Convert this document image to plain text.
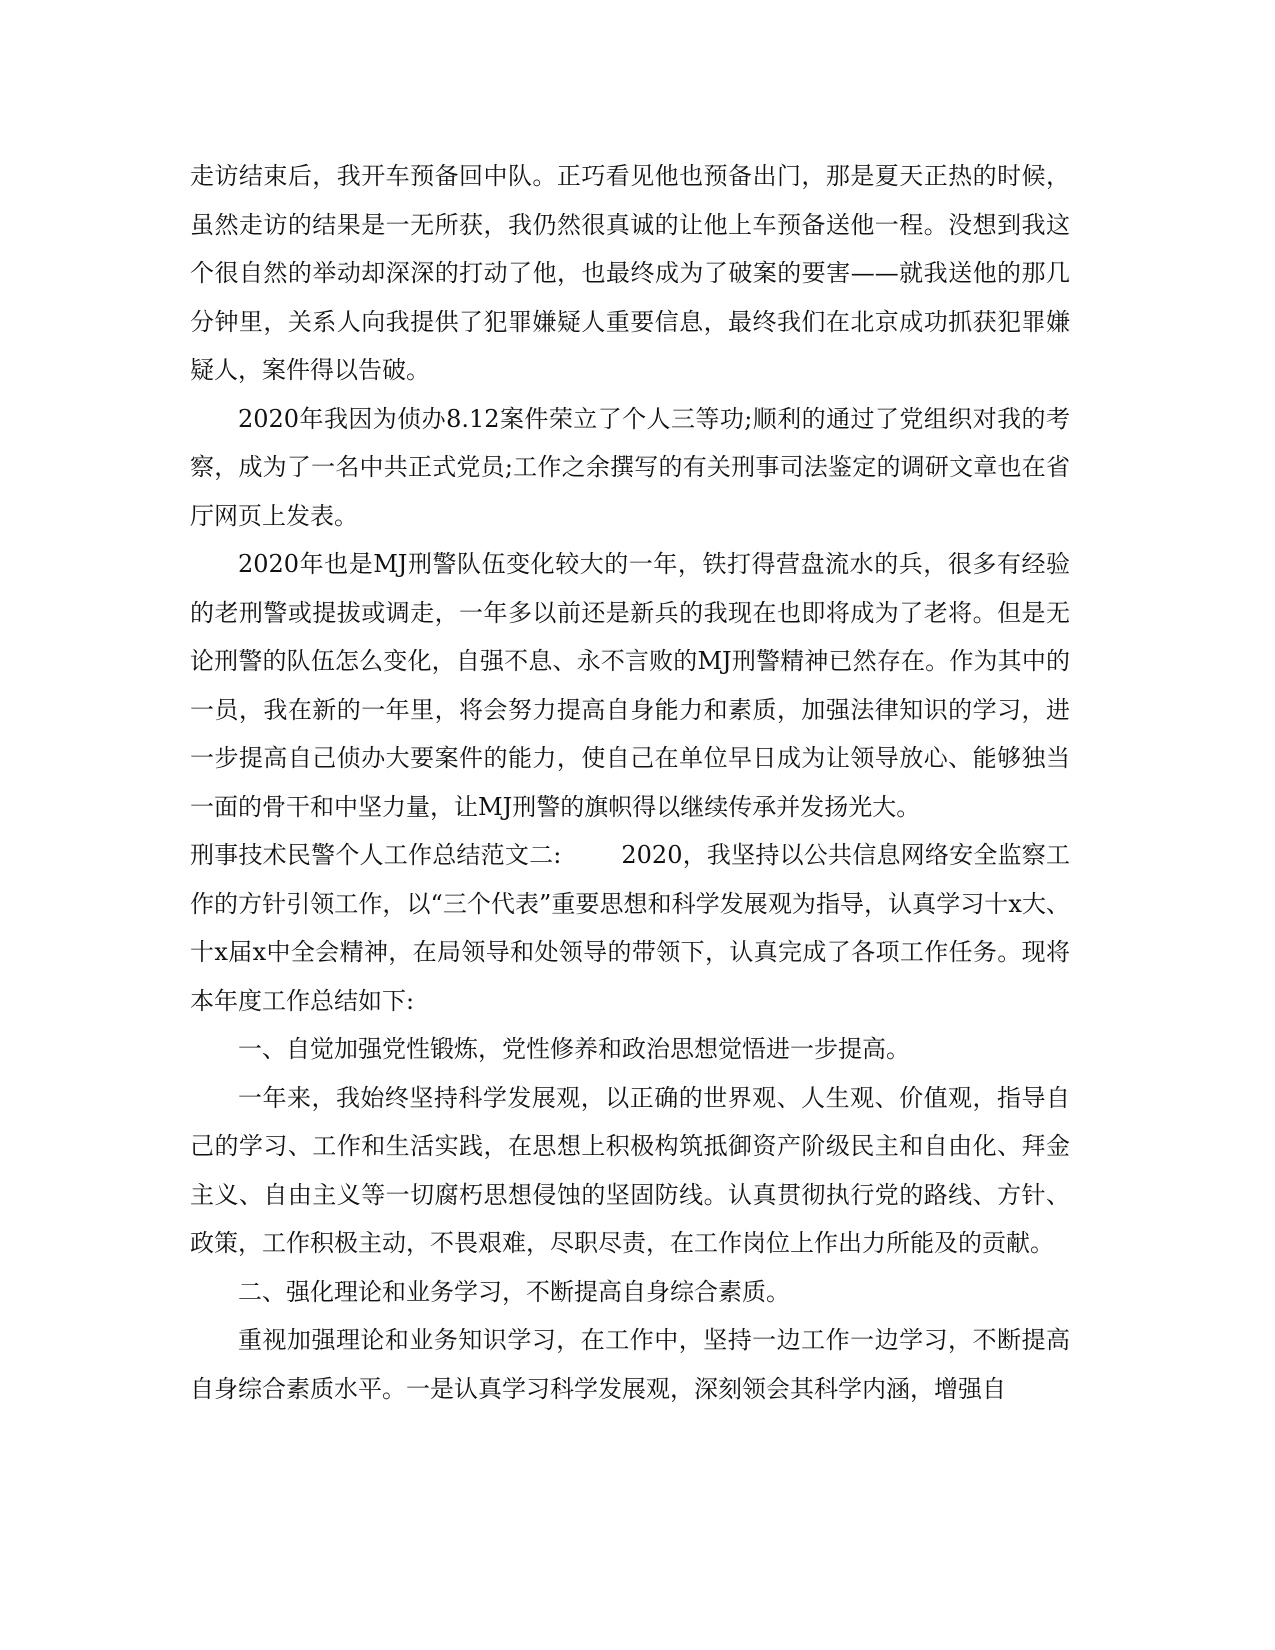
走访结束后，我开车预备回中队。正巧看见他也预备出门，那是夏天正热的时候，虽然走访的结果是一无所获，我仍然很真诚的让他上车预备送他一程。没想到我这个很自然的举动却深深的打动了他，也最终成为了破案的要害——就我送他的那几分钟里，关系人向我提供了犯罪嫌疑人重要信息，最终我们在北京成功抓获犯罪嫌疑人，案件得以告破。

2020年我因为侦办8.12案件荣立了个人三等功;顺利的通过了党组织对我的考察，成为了一名中共正式党员;工作之余撰写的有关刑事司法鉴定的调研文章也在省厅网页上发表。

2020年也是MJ刑警队伍变化较大的一年，铁打得营盘流水的兵，很多有经验的老刑警或提拔或调走，一年多以前还是新兵的我现在也即将成为了老将。但是无论刑警的队伍怎么变化，自强不息、永不言败的MJ刑警精神已然存在。作为其中的一员，我在新的一年里，将会努力提高自身能力和素质，加强法律知识的学习，进一步提高自己侦办大要案件的能力，使自己在单位早日成为让领导放心、能够独当一面的骨干和中坚力量，让MJ刑警的旗帜得以继续传承并发扬光大。

刑事技术民警个人工作总结范文二:	2020，我坚持以公共信息网络安全监察工作的方针引领工作，以“三个代表”重要思想和科学发展观为指导，认真学习十x大、十x届x中全会精神，在局领导和处领导的带领下，认真完成了各项工作任务。现将本年度工作总结如下:

一、自觉加强党性锻炼，党性修养和政治思想觉悟进一步提高。

一年来，我始终坚持科学发展观，以正确的世界观、人生观、价值观，指导自己的学习、工作和生活实践，在思想上积极构筑抵御资产阶级民主和自由化、拜金主义、自由主义等一切腐朽思想侵蚀的坚固防线。认真贯彻执行党的路线、方针、政策，工作积极主动，不畏艰难，尽职尽责，在工作岗位上作出力所能及的贡献。

二、强化理论和业务学习，不断提高自身综合素质。

重视加强理论和业务知识学习，在工作中，坚持一边工作一边学习，不断提高自身综合素质水平。一是认真学习科学发展观，深刻领会其科学内涵，增强自
